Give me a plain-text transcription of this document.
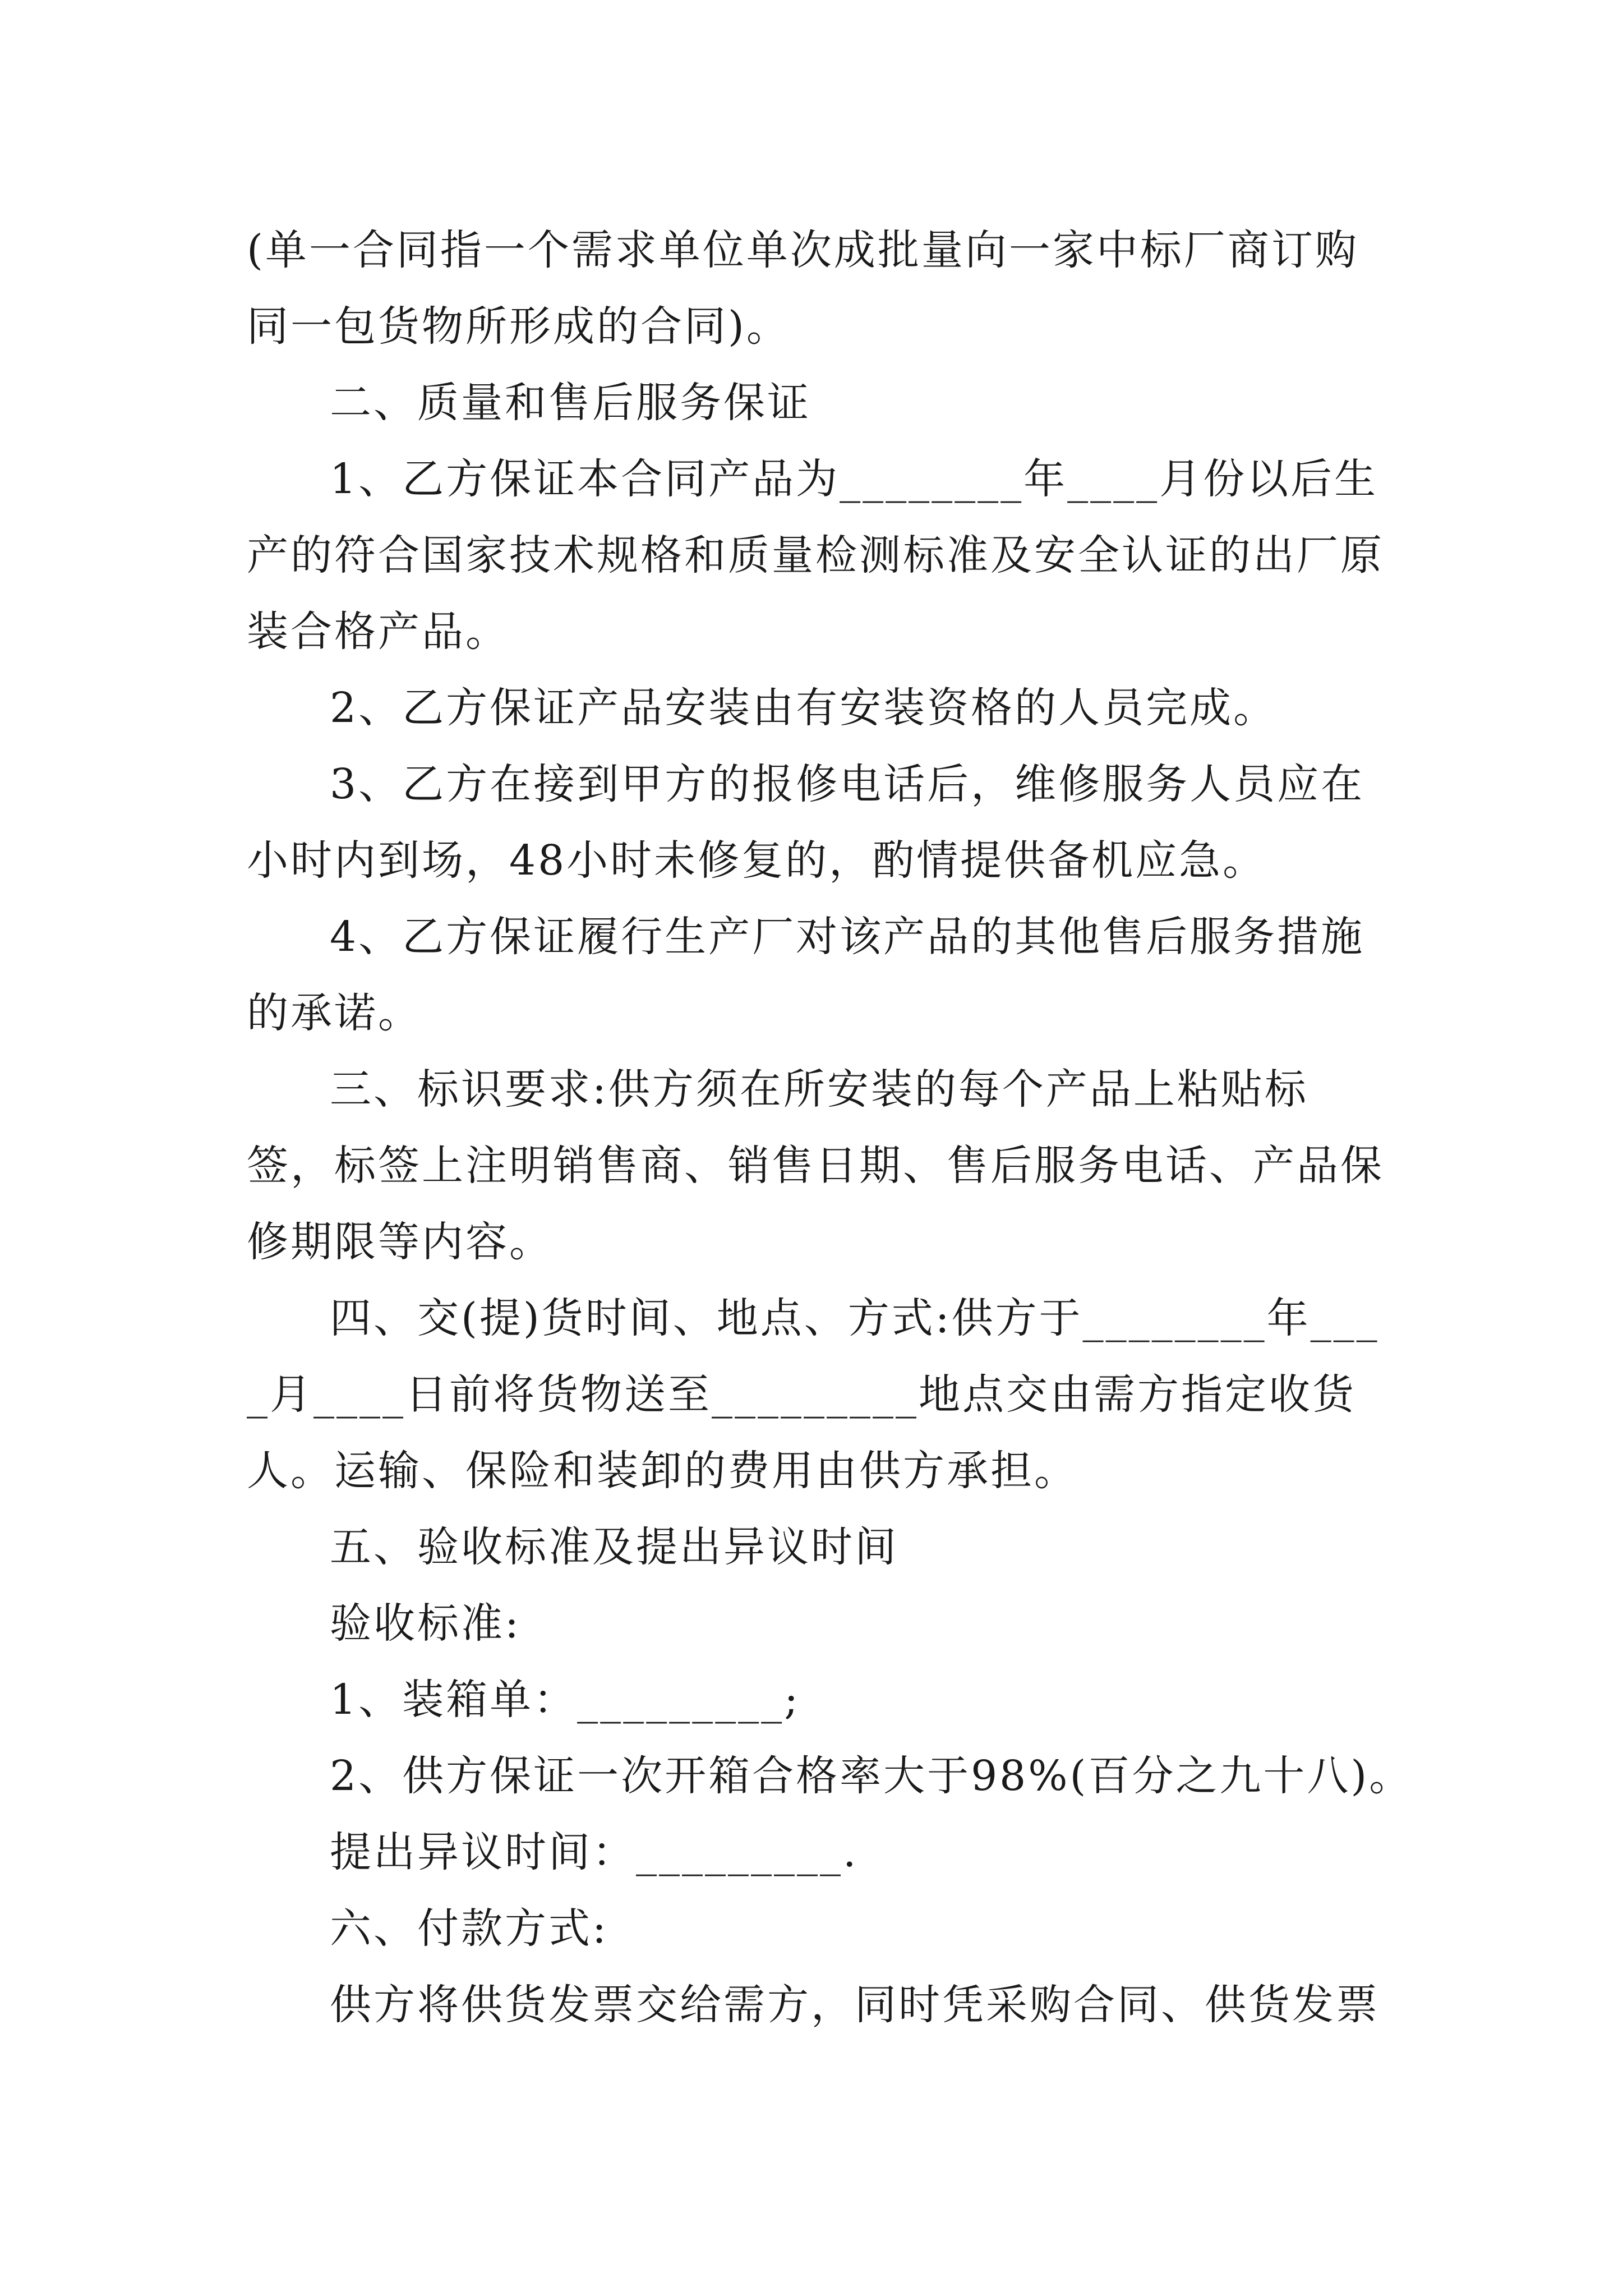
(单一合同指一个需求单位单次成批量向一家中标厂商订购同一包货物所形成的合同)。

二、质量和售后服务保证

1、乙方保证本合同产品为________年____月份以后生产的符合国家技术规格和质量检测标准及安全认证的出厂原装合格产品。

2、乙方保证产品安装由有安装资格的人员完成。

3、乙方在接到甲方的报修电话后，维修服务人员应在小时内到场，48小时未修复的，酌情提供备机应急。

4、乙方保证履行生产厂对该产品的其他售后服务措施的承诺。

三、标识要求:供方须在所安装的每个产品上粘贴标签，标签上注明销售商、销售日期、售后服务电话、产品保修期限等内容。

四、交(提)货时间、地点、方式:供方于________年____月____日前将货物送至_________地点交由需方指定收货人。运输、保险和装卸的费用由供方承担。

五、验收标准及提出异议时间

验收标准:

1、装箱单：_________;

2、供方保证一次开箱合格率大于98%(百分之九十八)。

提出异议时间：_________.

六、付款方式:

供方将供货发票交给需方，同时凭采购合同、供货发票
